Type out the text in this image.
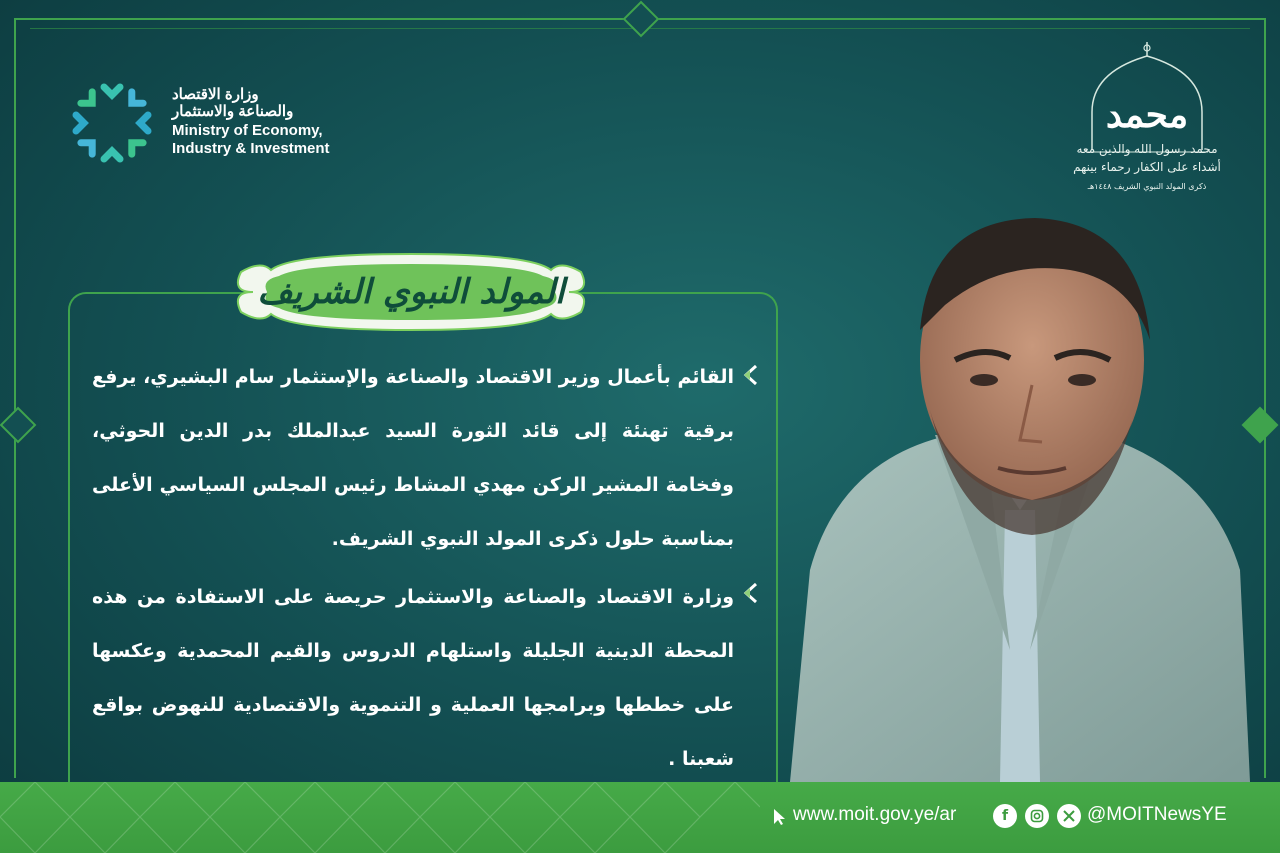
وزارة الاقتصاد
والصناعة والاستثمار
Ministry of Economy,
Industry & Investment
محمد
محمد رسول الله والذين معه
أشداء على الكفار رحماء بينهم
ذكرى المولد النبوي الشريف ١٤٤٨هـ
المولد النبوي الشريف
القائم بأعمال وزير الاقتصاد والصناعة والإستثمار سام البشيري، يرفع برقية تهنئة إلى قائد الثورة السيد عبدالملك بدر الدين الحوثي، وفخامة المشير الركن مهدي المشاط رئيس المجلس السياسي الأعلى بمناسبة حلول ذكرى المولد النبوي الشريف.
وزارة الاقتصاد والصناعة والاستثمار حريصة على الاستفادة من هذه المحطة الدينية الجليلة واستلهام الدروس والقيم المحمدية وعكسها على خططها وبرامجها العملية و التنموية والاقتصادية للنهوض بواقع شعبنا .
www.moit.gov.ye/ar	f	@MOITNewsYE
